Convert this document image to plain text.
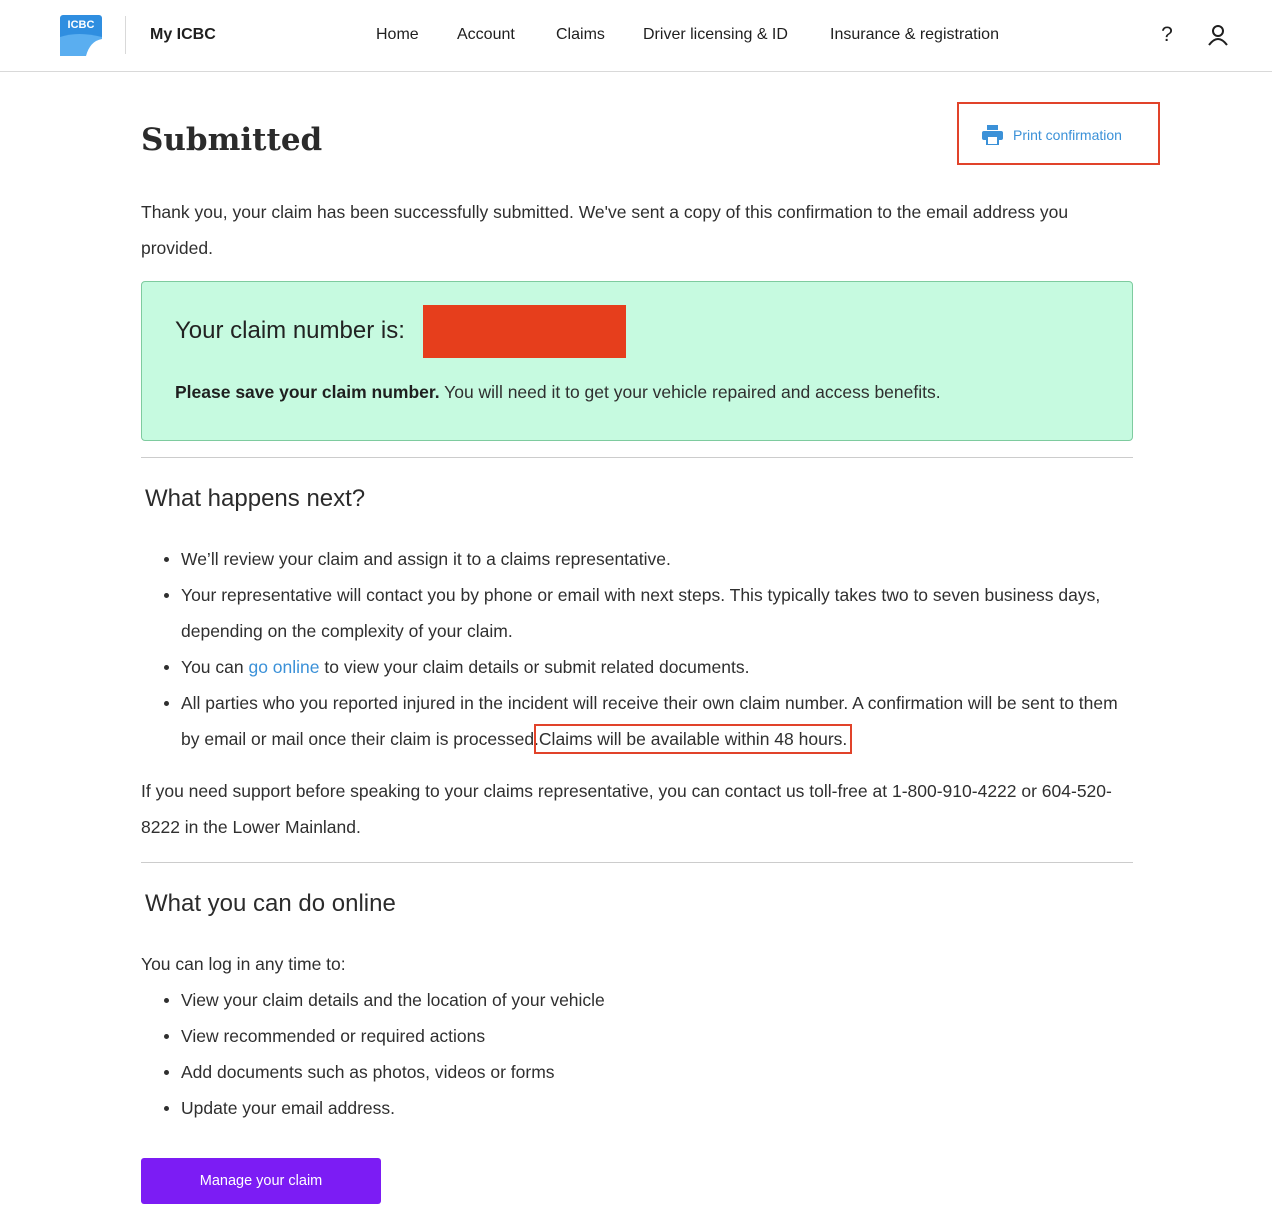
ICBC
My ICBC	Home Account	Claims Driver licensing & ID	Insurance & registration	?
Submitted	Print confirmation

Thank you, your claim has been successfully submitted. We've sent a copy of this confirmation to the email address you provided.

Your claim number is:
Please save your claim number. You will need it to get your vehicle repaired and access benefits.
What happens next?
We’ll review your claim and assign it to a claims representative.
Your representative will contact you by phone or email with next steps. This typically takes two to seven business days, depending on the complexity of your claim.
You can go online to view your claim details or submit related documents.
All parties who you reported injured in the incident will receive their own claim number. A confirmation will be sent to them by email or mail once their claim is processed.Claims will be available within 48 hours.

If you need support before speaking to your claims representative, you can contact us toll-free at 1-800-910-4222 or 604-520-8222 in the Lower Mainland.

What you can do online

You can log in any time to:

View your claim details and the location of your vehicle
View recommended or required actions
Add documents such as photos, videos or forms
Update your email address.
Manage your claim
